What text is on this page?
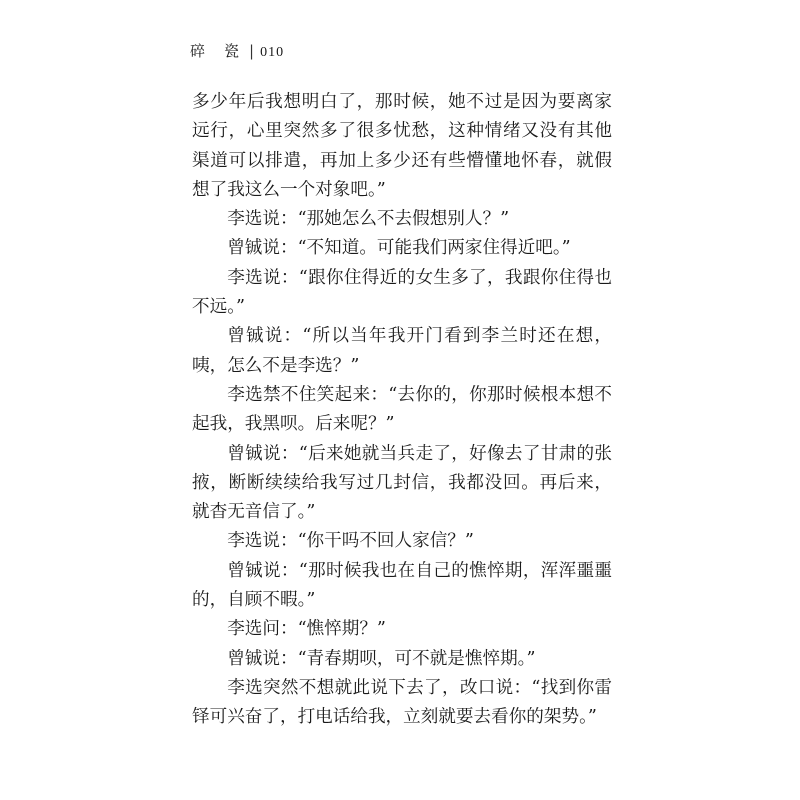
碎　瓷 | 010

多少年后我想明白了，那时候，她不过是因为要离家远行，心里突然多了很多忧愁，这种情绪又没有其他渠道可以排遣，再加上多少还有些懵懂地怀春，就假想了我这么一个对象吧。”

李选说：“那她怎么不去假想别人？”

曾铖说：“不知道。可能我们两家住得近吧。”

李选说：“跟你住得近的女生多了，我跟你住得也不远。”

曾铖说：“所以当年我开门看到李兰时还在想，咦，怎么不是李选？”

李选禁不住笑起来：“去你的，你那时候根本想不起我，我黑呗。后来呢？”

曾铖说：“后来她就当兵走了，好像去了甘肃的张掖，断断续续给我写过几封信，我都没回。再后来，就杳无音信了。”

李选说：“你干吗不回人家信？”

曾铖说：“那时候我也在自己的憔悴期，浑浑噩噩的，自顾不暇。”

李选问：“憔悴期？”

曾铖说：“青春期呗，可不就是憔悴期。”

李选突然不想就此说下去了，改口说：“找到你雷铎可兴奋了，打电话给我，立刻就要去看你的架势。”
